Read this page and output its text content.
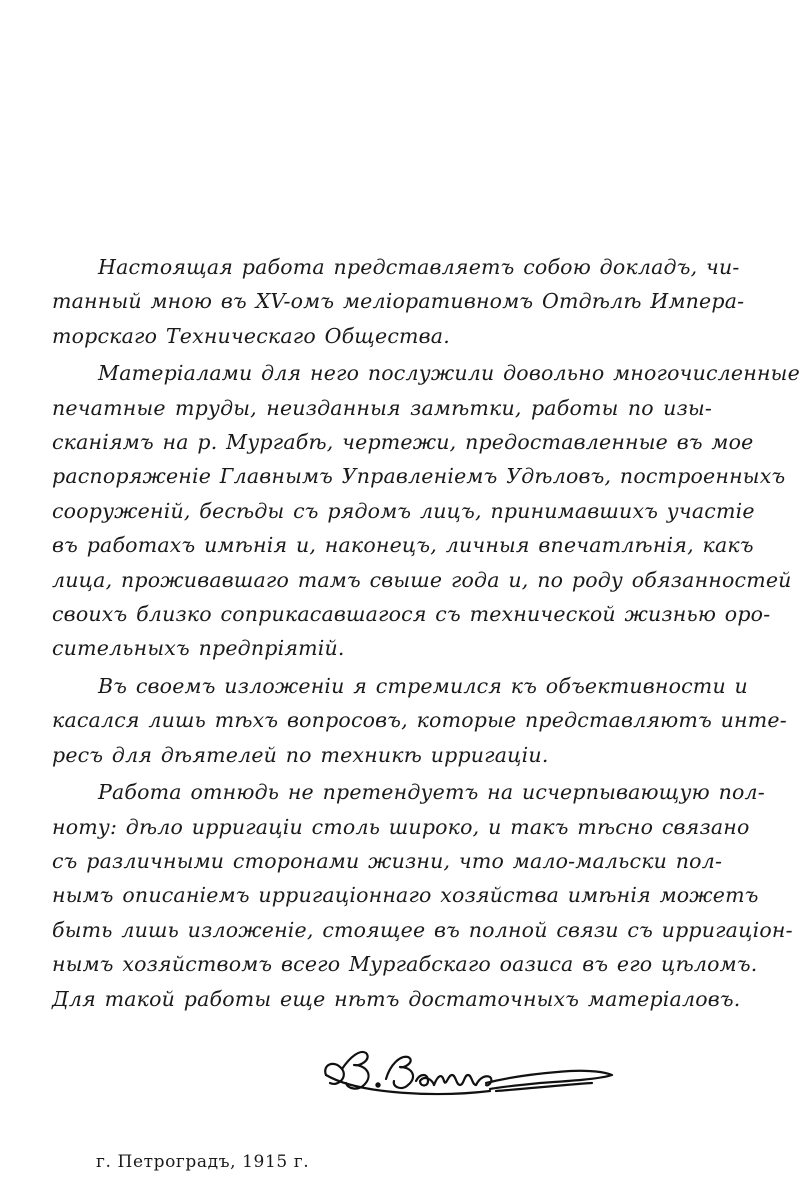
Настоящая работа представляетъ собою докладъ, чи-
танный мною въ XV-омъ мелiоративномъ Отдѣлѣ Импера-
торскаго Техническаго Общества.
Матерiалами для него послужили довольно многочисленные
печатные труды, неизданныя замѣтки, работы по изы-
сканiямъ на р. Мургабѣ, чертежи, предоставленные въ мое
распоряженiе Главнымъ Управленiемъ Удѣловъ, построенныхъ
сооруженiй, бесѣды съ рядомъ лицъ, принимавшихъ участiе
въ работахъ имѣнiя и, наконецъ, личныя впечатлѣнiя, какъ
лица, проживавшаго тамъ свыше года и, по роду обязанностей
своихъ близко соприкасавшагося съ технической жизнью оро-
сительныхъ предпрiятiй.
Въ своемъ изложенiи я стремился къ объективности и
касался лишь тѣхъ вопросовъ, которые представляютъ инте-
ресъ для дѣятелей по техникѣ ирригацiи.
Работа отнюдь не претендуетъ на исчерпывающую пол-
ноту: дѣло ирригацiи столь широко, и такъ тѣсно связано
съ различными сторонами жизни, что мало-мальски пол-
нымъ описанiемъ ирригацiоннаго хозяйства имѣнiя можетъ
быть лишь изложенiе, стоящее въ полной связи съ ирригацiон-
нымъ хозяйствомъ всего Мургабскаго оазиса въ его цѣломъ.
Для такой работы еще нѣтъ достаточныхъ матерiаловъ.
г. Петроградъ, 1915 г.
